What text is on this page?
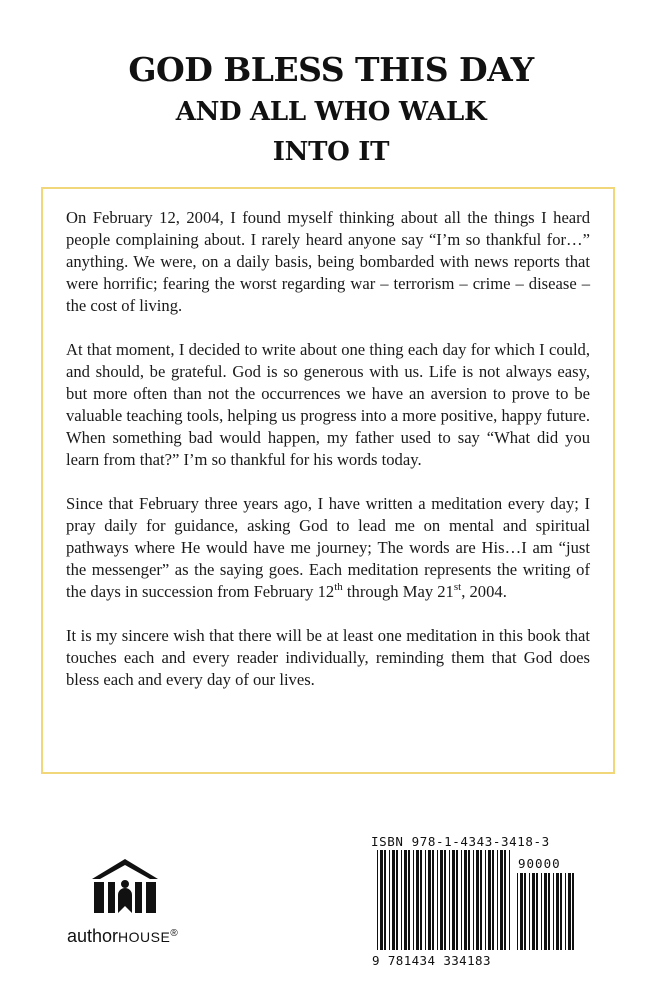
GOD BLESS THIS DAY
AND ALL WHO WALK
INTO IT

On February 12, 2004, I found myself thinking about all the things I heard people complaining about. I rarely heard anyone say “I’m so thankful for…” anything. We were, on a daily basis, being bombarded with news reports that were horrific; fearing the worst regarding war – terrorism – crime – disease – the cost of living.

At that moment, I decided to write about one thing each day for which I could, and should, be grateful. God is so generous with us. Life is not always easy, but more often than not the occurrences we have an aversion to prove to be valuable teaching tools, helping us progress into a more positive, happy future. When something bad would happen, my father used to say “What did you learn from that?” I’m so thankful for his words today.

Since that February three years ago, I have written a meditation every day; I pray daily for guidance, asking God to lead me on mental and spiritual pathways where He would have me journey; The words are His…I am “just the messenger” as the saying goes. Each meditation represents the writing of the days in succession from February 12th through May 21st, 2004.

It is my sincere wish that there will be at least one meditation in this book that touches each and every reader individually, reminding them that God does bless each and every day of our lives.

authorHOUSE®
ISBN 978-1-4343-3418-3
90000
9 781434 334183
